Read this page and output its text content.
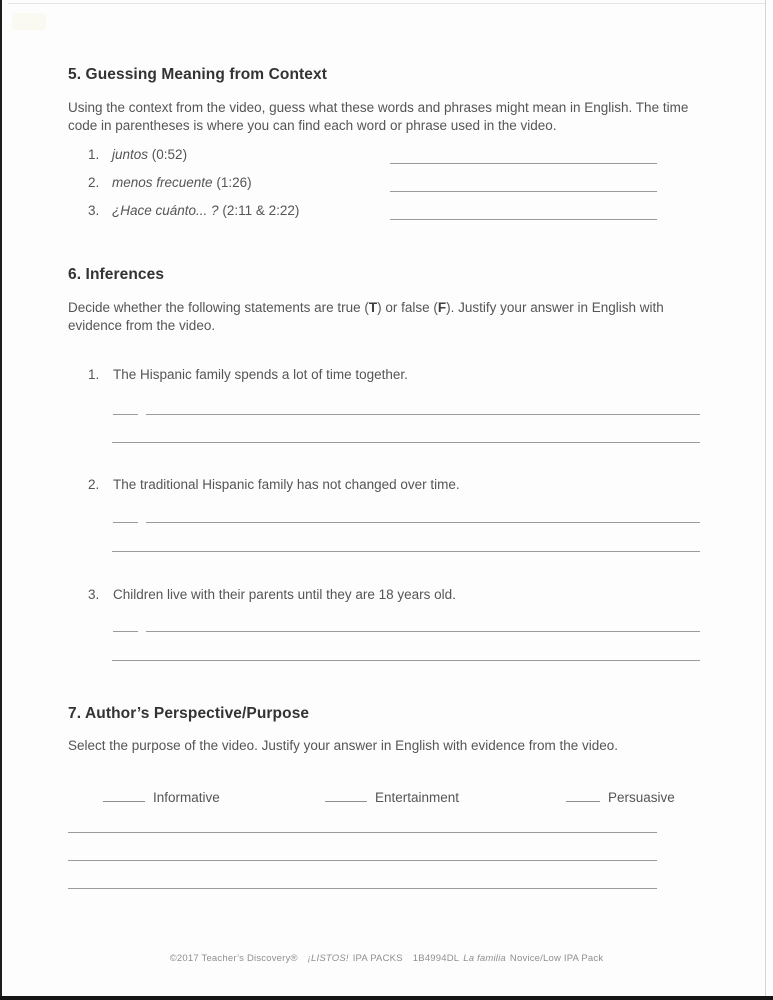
5. Guessing Meaning from Context
Using the context from the video, guess what these words and phrases might mean in English. The time code in parentheses is where you can find each word or phrase used in the video.
1. juntos (0:52)
2. menos frecuente (1:26)
3. ¿Hace cuánto... ? (2:11 & 2:22)
6. Inferences
Decide whether the following statements are true (T) or false (F). Justify your answer in English with evidence from the video.
1. The Hispanic family spends a lot of time together.
2. The traditional Hispanic family has not changed over time.
3. Children live with their parents until they are 18 years old.
7. Author’s Perspective/Purpose
Select the purpose of the video. Justify your answer in English with evidence from the video.
Informative	Entertainment	Persuasive
©2017 Teacher’s Discovery® ¡LISTOS! IPA PACKS 1B4994DL La familia Novice/Low IPA Pack
